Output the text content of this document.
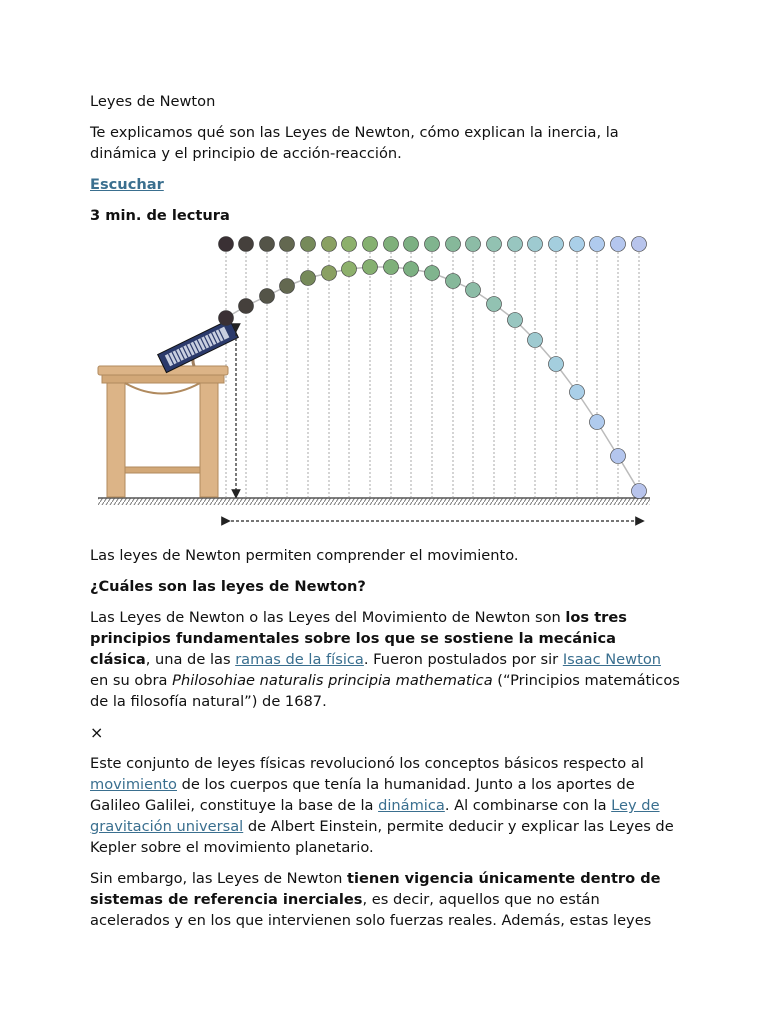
Leyes de Newton

Te explicamos qué son las Leyes de Newton, cómo explican la inercia, la dinámica y el principio de acción-reacción.

Escuchar

3 min. de lectura

Las leyes de Newton permiten comprender el movimiento.

¿Cuáles son las leyes de Newton?

Las Leyes de Newton o las Leyes del Movimiento de Newton son los tres principios fundamentales sobre los que se sostiene la mecánica clásica, una de las ramas de la física. Fueron postulados por sir Isaac Newton en su obra Philosohiae naturalis principia mathematica (“Principios matemáticos de la filosofía natural”) de 1687.

×

Este conjunto de leyes físicas revolucionó los conceptos básicos respecto al movimiento de los cuerpos que tenía la humanidad. Junto a los aportes de Galileo Galilei, constituye la base de la dinámica. Al combinarse con la Ley de gravitación universal de Albert Einstein, permite deducir y explicar las Leyes de Kepler sobre el movimiento planetario.

Sin embargo, las Leyes de Newton tienen vigencia únicamente dentro de sistemas de referencia inerciales, es decir, aquellos que no están acelerados y en los que intervienen solo fuerzas reales. Además, estas leyes
